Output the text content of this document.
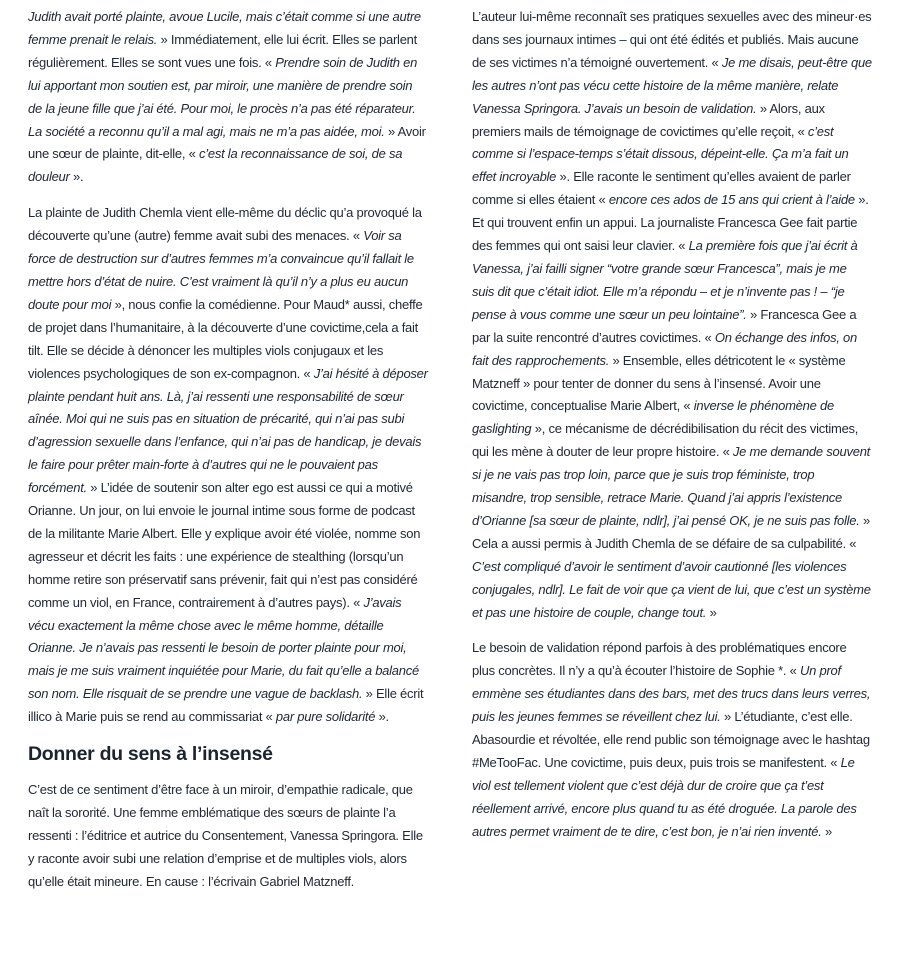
Judith avait porté plainte, avoue Lucile, mais c’était comme si une autre femme prenait le relais. » Immédiatement, elle lui écrit. Elles se parlent régulièrement. Elles se sont vues une fois. « Prendre soin de Judith en lui apportant mon soutien est, par miroir, une manière de prendre soin de la jeune fille que j’ai été. Pour moi, le procès n’a pas été réparateur. La société a reconnu qu’il a mal agi, mais ne m’a pas aidée, moi. » Avoir une sœur de plainte, dit-elle, « c’est la reconnaissance de soi, de sa douleur ».

La plainte de Judith Chemla vient elle-même du déclic qu’a provoqué la découverte qu’une (autre) femme avait subi des menaces. « Voir sa force de destruction sur d’autres femmes m’a convaincue qu’il fallait le mettre hors d’état de nuire. C’est vraiment là qu’il n’y a plus eu aucun doute pour moi », nous confie la comédienne. Pour Maud* aussi, cheffe de projet dans l’humanitaire, à la découverte d’une covictime,cela a fait tilt. Elle se décide à dénoncer les multiples viols conjugaux et les violences psychologiques de son ex-compagnon. « J’ai hésité à déposer plainte pendant huit ans. Là, j’ai ressenti une responsabilité de sœur aînée. Moi qui ne suis pas en situation de précarité, qui n’ai pas subi d’agression sexuelle dans l’enfance, qui n’ai pas de handicap, je devais le faire pour prêter main-forte à d’autres qui ne le pouvaient pas forcément. » L’idée de soutenir son alter ego est aussi ce qui a motivé Orianne. Un jour, on lui envoie le journal intime sous forme de podcast de la militante Marie Albert. Elle y explique avoir été violée, nomme son agresseur et décrit les faits : une expérience de stealthing (lorsqu’un homme retire son préservatif sans prévenir, fait qui n’est pas considéré comme un viol, en France, contrairement à d’autres pays). « J’avais vécu exactement la même chose avec le même homme, détaille Orianne. Je n’avais pas ressenti le besoin de porter plainte pour moi, mais je me suis vraiment inquiétée pour Marie, du fait qu’elle a balancé son nom. Elle risquait de se prendre une vague de backlash. » Elle écrit illico à Marie puis se rend au commissariat « par pure solidarité ».

Donner du sens à l’insensé

C’est de ce sentiment d’être face à un miroir, d’empathie radicale, que naît la sororité. Une femme emblématique des sœurs de plainte l’a ressenti : l’éditrice et autrice du Consentement, Vanessa Springora. Elle y raconte avoir subi une relation d’emprise et de multiples viols, alors qu’elle était mineure. En cause : l’écrivain Gabriel Matzneff.

L’auteur lui-même reconnaît ses pratiques sexuelles avec des mineur·es dans ses journaux intimes – qui ont été édités et publiés. Mais aucune de ses victimes n’a témoigné ouvertement. « Je me disais, peut-être que les autres n’ont pas vécu cette histoire de la même manière, relate Vanessa Springora. J’avais un besoin de validation. » Alors, aux premiers mails de témoignage de covictimes qu’elle reçoit, « c’est comme si l’espace-temps s’était dissous, dépeint-elle. Ça m’a fait un effet incroyable ». Elle raconte le sentiment qu’elles avaient de parler comme si elles étaient « encore ces ados de 15 ans qui crient à l’aide ». Et qui trouvent enfin un appui. La journaliste Francesca Gee fait partie des femmes qui ont saisi leur clavier. « La première fois que j’ai écrit à Vanessa, j’ai failli signer “votre grande sœur Francesca”, mais je me suis dit que c’était idiot. Elle m’a répondu – et je n’invente pas ! – “je pense à vous comme une sœur un peu lointaine”. » Francesca Gee a par la suite rencontré d’autres covictimes. « On échange des infos, on fait des rapprochements. » Ensemble, elles détricotent le « système Matzneff » pour tenter de donner du sens à l’insensé. Avoir une covictime, conceptualise Marie Albert, « inverse le phénomène de gaslighting », ce mécanisme de décrédibilisation du récit des victimes, qui les mène à douter de leur propre histoire. « Je me demande souvent si je ne vais pas trop loin, parce que je suis trop féministe, trop misandre, trop sensible, retrace Marie. Quand j’ai appris l’existence d’Orianne [sa sœur de plainte, ndlr], j’ai pensé OK, je ne suis pas folle. » Cela a aussi permis à Judith Chemla de se défaire de sa culpabilité. « C’est compliqué d’avoir le sentiment d’avoir cautionné [les violences conjugales, ndlr]. Le fait de voir que ça vient de lui, que c’est un système et pas une histoire de couple, change tout. »

Le besoin de validation répond parfois à des problématiques encore plus concrètes. Il n’y a qu’à écouter l’histoire de Sophie *. « Un prof emmène ses étudiantes dans des bars, met des trucs dans leurs verres, puis les jeunes femmes se réveillent chez lui. » L’étudiante, c’est elle. Abasourdie et révoltée, elle rend public son témoignage avec le hashtag #MeTooFac. Une covictime, puis deux, puis trois se manifestent. « Le viol est tellement violent que c’est déjà dur de croire que ça t’est réellement arrivé, encore plus quand tu as été droguée. La parole des autres permet vraiment de te dire, c’est bon, je n’ai rien inventé. »
